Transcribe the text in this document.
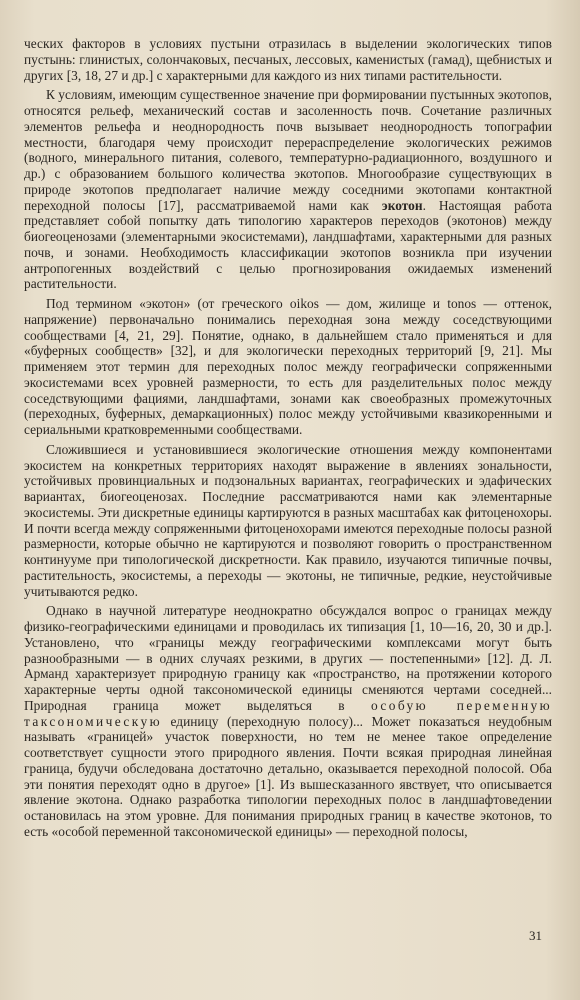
ческих факторов в условиях пустыни отразилась в выделении экологических типов пустынь: глинистых, солончаковых, песчаных, лессовых, каменистых (гамад), щебнистых и других [3, 18, 27 и др.] с характерными для каждого из них типами растительности.

К условиям, имеющим существенное значение при формировании пустынных экотопов, относятся рельеф, механический состав и засоленность почв. Сочетание различных элементов рельефа и неоднородность почв вызывает неоднородность топографии местности, благодаря чему происходит перераспределение экологических режимов (водного, минерального питания, солевого, температурно-радиационного, воздушного и др.) с образованием большого количества экотопов. Многообразие существующих в природе экотопов предполагает наличие между соседними экотопами контактной переходной полосы [17], рассматриваемой нами как экотон. Настоящая работа представляет собой попытку дать типологию характеров переходов (экотонов) между биогеоценозами (элементарными экосистемами), ландшафтами, характерными для разных почв, и зонами. Необходимость классификации экотопов возникла при изучении антропогенных воздействий с целью прогнозирования ожидаемых изменений растительности.

Под термином «экотон» (от греческого oikos — дом, жилище и tonos — оттенок, напряжение) первоначально понимались переходная зона между соседствующими сообществами [4, 21, 29]. Понятие, однако, в дальнейшем стало применяться и для «буферных сообществ» [32], и для экологически переходных территорий [9, 21]. Мы применяем этот термин для переходных полос между географически сопряженными экосистемами всех уровней размерности, то есть для разделительных полос между соседствующими фациями, ландшафтами, зонами как своеобразных промежуточных (переходных, буферных, демаркационных) полос между устойчивыми квазикоренными и сериальными кратковременными сообществами.

Сложившиеся и установившиеся экологические отношения между компонентами экосистем на конкретных территориях находят выражение в явлениях зональности, устойчивых провинциальных и подзональных вариантах, географических и эдафических вариантах, биогеоценозах. Последние рассматриваются нами как элементарные экосистемы. Эти дискретные единицы картируются в разных масштабах как фитоценохоры. И почти всегда между сопряженными фитоценохорами имеются переходные полосы разной размерности, которые обычно не картируются и позволяют говорить о пространственном континууме при типологической дискретности. Как правило, изучаются типичные почвы, растительность, экосистемы, а переходы — экотоны, не типичные, редкие, неустойчивые учитываются редко.

Однако в научной литературе неоднократно обсуждался вопрос о границах между физико-географическими единицами и проводилась их типизация [1, 10—16, 20, 30 и др.]. Установлено, что «границы между географическими комплексами могут быть разнообразными — в одних случаях резкими, в других — постепенными» [12]. Д. Л. Арманд характеризует природную границу как «пространство, на протяжении которого характерные черты одной таксономической единицы сменяются чертами соседней... Природная граница может выделяться в особую переменную таксономическую единицу (переходную полосу)... Может показаться неудобным называть «границей» участок поверхности, но тем не менее такое определение соответствует сущности этого природного явления. Почти всякая природная линейная граница, будучи обследована достаточно детально, оказывается переходной полосой. Оба эти понятия переходят одно в другое» [1]. Из вышесказанного явствует, что описывается явление экотона. Однако разработка типологии переходных полос в ландшафтоведении остановилась на этом уровне. Для понимания природных границ в качестве экотонов, то есть «особой переменной таксономической единицы» — переходной полосы,

31
